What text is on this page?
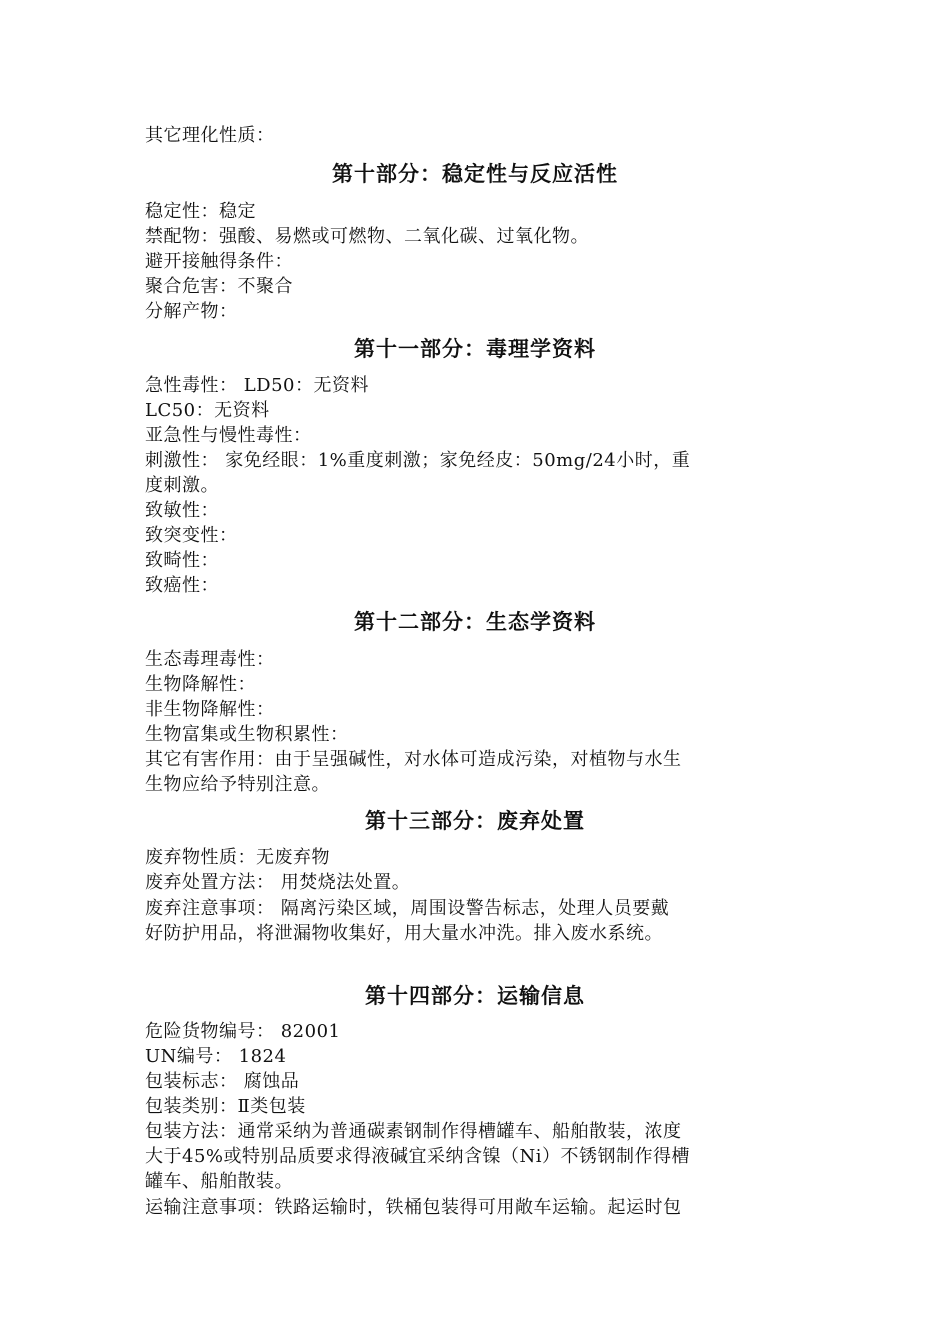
其它理化性质：
第十部分：稳定性与反应活性
稳定性：稳定
禁配物：强酸、易燃或可燃物、二氧化碳、过氧化物。
避开接触得条件：
聚合危害：不聚合
分解产物：
第十一部分：毒理学资料
急性毒性： LD50：无资料
LC50：无资料
亚急性与慢性毒性：
刺激性： 家免经眼：1%重度刺激；家免经皮：50mg/24小时，重
度刺激。
致敏性：
致突变性：
致畸性：
致癌性：
第十二部分：生态学资料
生态毒理毒性：
生物降解性：
非生物降解性：
生物富集或生物积累性：
其它有害作用：由于呈强碱性，对水体可造成污染，对植物与水生
生物应给予特别注意。
第十三部分：废弃处置
废弃物性质：无废弃物
废弃处置方法： 用焚烧法处置。
废弃注意事项： 隔离污染区域，周围设警告标志，处理人员要戴
好防护用品，将泄漏物收集好，用大量水冲洗。排入废水系统。
第十四部分：运输信息
危险货物编号： 82001
UN编号： 1824
包装标志： 腐蚀品
包装类别：Ⅱ类包装
包装方法：通常采纳为普通碳素钢制作得槽罐车、船舶散装，浓度
大于45%或特别品质要求得液碱宜采纳含镍（Ni）不锈钢制作得槽
罐车、船舶散装。
运输注意事项：铁路运输时，铁桶包装得可用敞车运输。起运时包
